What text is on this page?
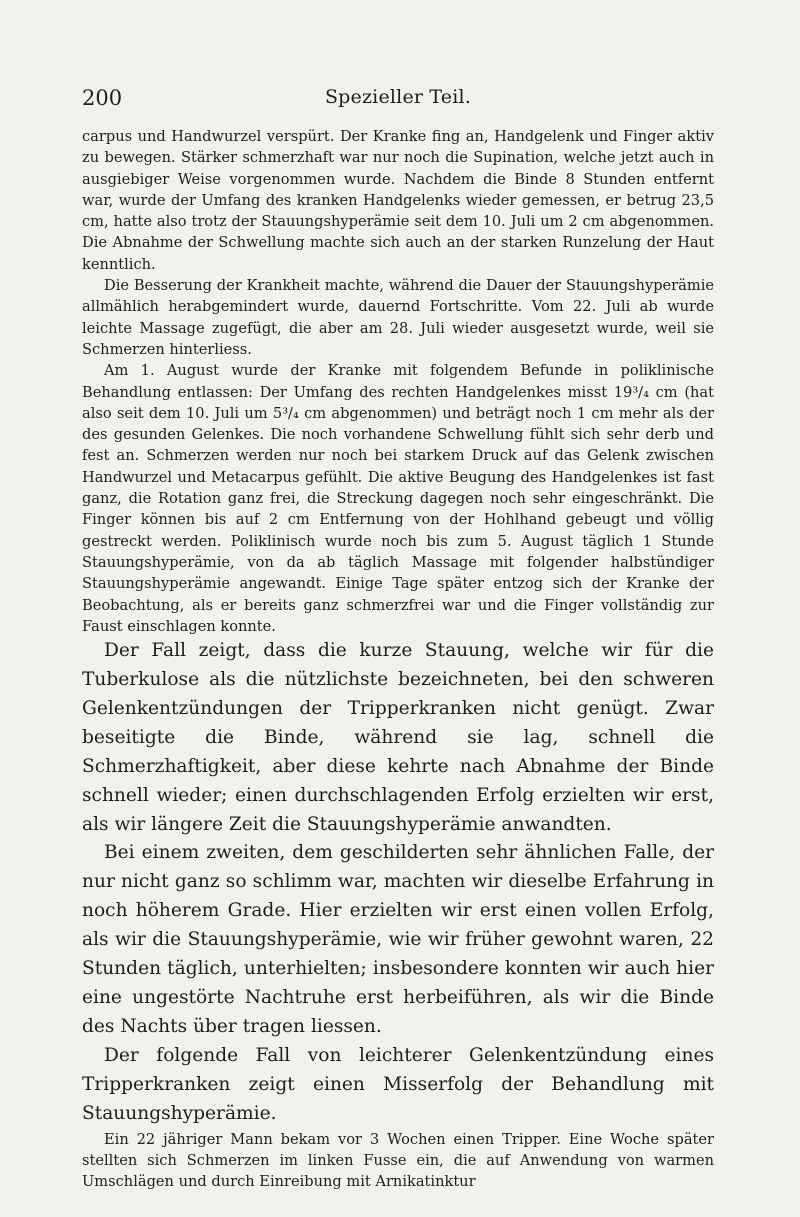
200	Spezieller Teil.

carpus und Handwurzel verspürt. Der Kranke fing an, Handgelenk und Finger aktiv zu bewegen. Stärker schmerzhaft war nur noch die Supination, welche jetzt auch in ausgiebiger Weise vorgenommen wurde. Nachdem die Binde 8 Stunden entfernt war, wurde der Umfang des kranken Handgelenks wieder gemessen, er betrug 23,5 cm, hatte also trotz der Stauungshyperämie seit dem 10. Juli um 2 cm abgenommen. Die Abnahme der Schwellung machte sich auch an der starken Runzelung der Haut kenntlich.

Die Besserung der Krankheit machte, während die Dauer der Stauungshyperämie allmählich herabgemindert wurde, dauernd Fortschritte. Vom 22. Juli ab wurde leichte Massage zugefügt, die aber am 28. Juli wieder ausgesetzt wurde, weil sie Schmerzen hinterliess.

Am 1. August wurde der Kranke mit folgendem Befunde in poliklinische Behandlung entlassen: Der Umfang des rechten Handgelenkes misst 19³/₄ cm (hat also seit dem 10. Juli um 5³/₄ cm abgenommen) und beträgt noch 1 cm mehr als der des gesunden Gelenkes. Die noch vorhandene Schwellung fühlt sich sehr derb und fest an. Schmerzen werden nur noch bei starkem Druck auf das Gelenk zwischen Handwurzel und Metacarpus gefühlt. Die aktive Beugung des Handgelenkes ist fast ganz, die Rotation ganz frei, die Streckung dagegen noch sehr eingeschränkt. Die Finger können bis auf 2 cm Entfernung von der Hohlhand gebeugt und völlig gestreckt werden. Poliklinisch wurde noch bis zum 5. August täglich 1 Stunde Stauungshyperämie, von da ab täglich Massage mit folgender halbstündiger Stauungshyperämie angewandt. Einige Tage später entzog sich der Kranke der Beobachtung, als er bereits ganz schmerzfrei war und die Finger vollständig zur Faust einschlagen konnte.

Der Fall zeigt, dass die kurze Stauung, welche wir für die Tuberkulose als die nützlichste bezeichneten, bei den schweren Gelenkentzündungen der Tripperkranken nicht genügt. Zwar beseitigte die Binde, während sie lag, schnell die Schmerzhaftigkeit, aber diese kehrte nach Abnahme der Binde schnell wieder; einen durchschlagenden Erfolg erzielten wir erst, als wir längere Zeit die Stauungshyperämie anwandten.

Bei einem zweiten, dem geschilderten sehr ähnlichen Falle, der nur nicht ganz so schlimm war, machten wir dieselbe Erfahrung in noch höherem Grade. Hier erzielten wir erst einen vollen Erfolg, als wir die Stauungshyperämie, wie wir früher gewohnt waren, 22 Stunden täglich, unterhielten; insbesondere konnten wir auch hier eine ungestörte Nachtruhe erst herbeiführen, als wir die Binde des Nachts über tragen liessen.

Der folgende Fall von leichterer Gelenkentzündung eines Tripperkranken zeigt einen Misserfolg der Behandlung mit Stauungshyperämie.

Ein 22 jähriger Mann bekam vor 3 Wochen einen Tripper. Eine Woche später stellten sich Schmerzen im linken Fusse ein, die auf Anwendung von warmen Umschlägen und durch Einreibung mit Arnikatinktur
